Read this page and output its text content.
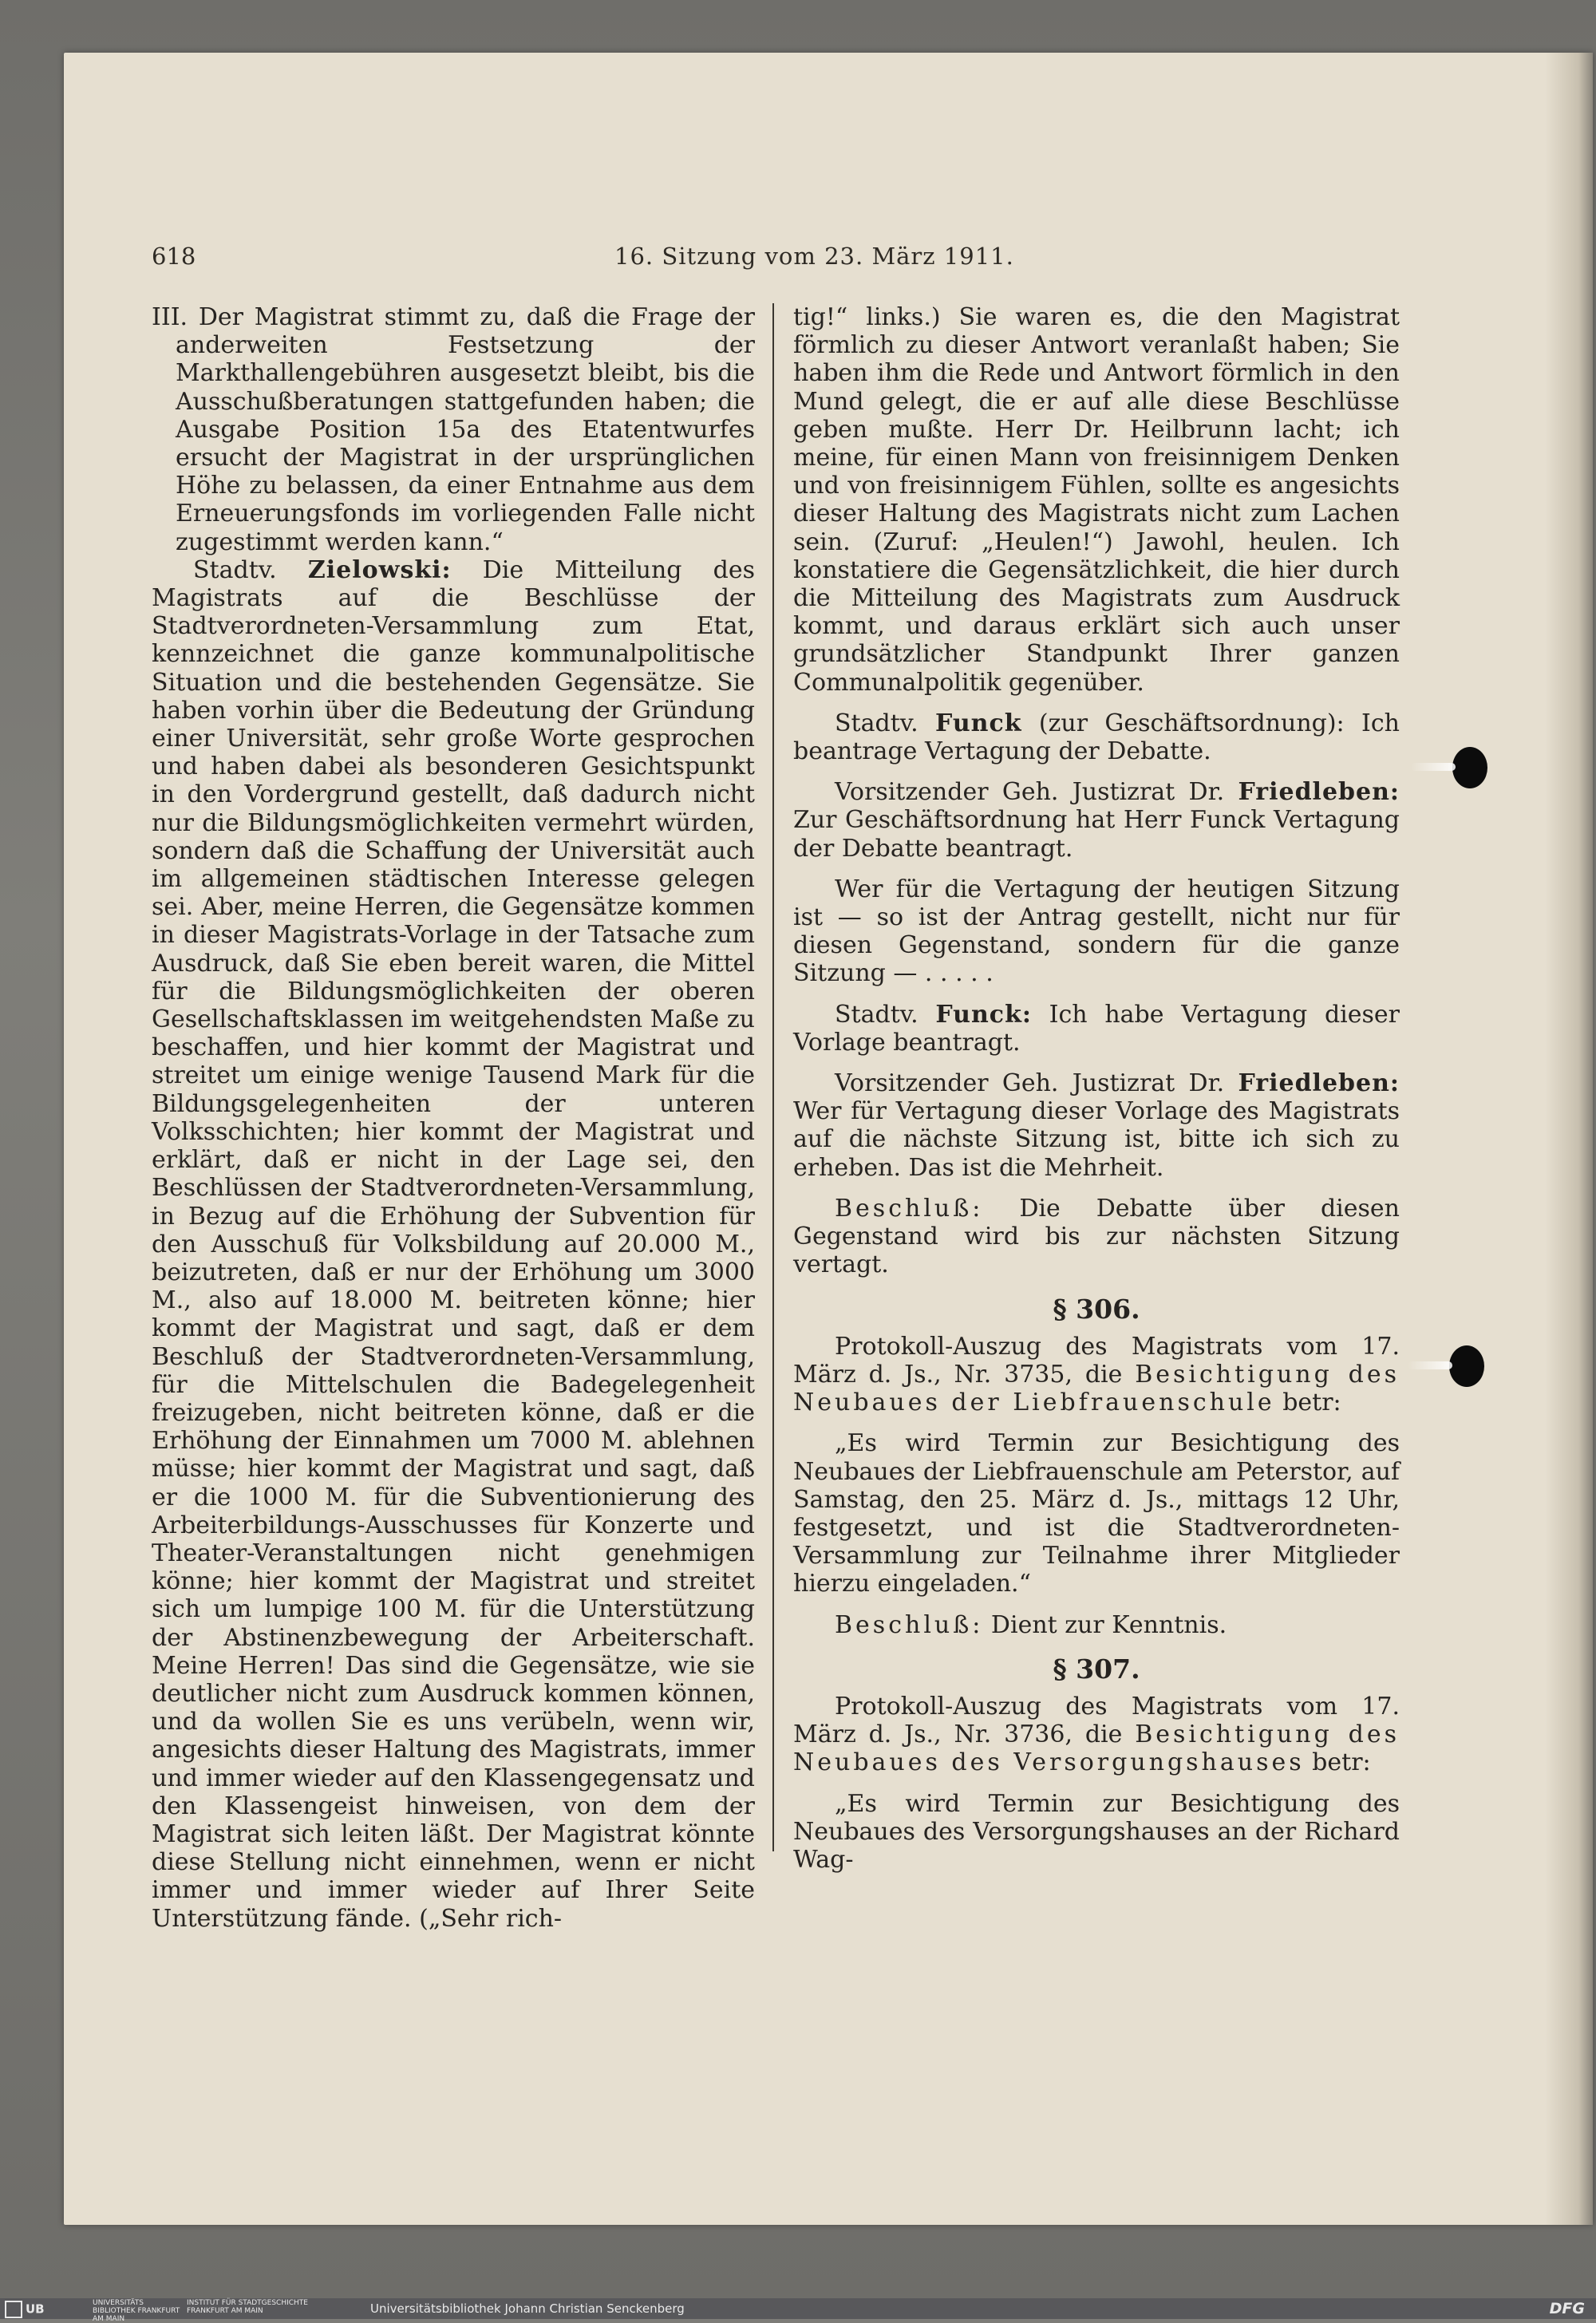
618	16. Sitzung vom 23. März 1911.

III. Der Magistrat stimmt zu, daß die Frage der anderweiten Festsetzung der Markthallengebühren ausgesetzt bleibt, bis die Ausschußberatungen stattgefunden haben; die Ausgabe Position 15a des Etatentwurfes ersucht der Magistrat in der ursprünglichen Höhe zu belassen, da einer Entnahme aus dem Erneuerungsfonds im vorliegenden Falle nicht zugestimmt werden kann.“

Stadtv. Zielowski: Die Mitteilung des Magistrats auf die Beschlüsse der Stadtverordneten-Versammlung zum Etat, kennzeichnet die ganze kommunalpolitische Situation und die bestehenden Gegensätze. Sie haben vorhin über die Bedeutung der Gründung einer Universität, sehr große Worte gesprochen und haben dabei als besonderen Gesichtspunkt in den Vordergrund gestellt, daß dadurch nicht nur die Bildungsmöglichkeiten vermehrt würden, sondern daß die Schaffung der Universität auch im allgemeinen städtischen Interesse gelegen sei. Aber, meine Herren, die Gegensätze kommen in dieser Magistrats-Vorlage in der Tatsache zum Ausdruck, daß Sie eben bereit waren, die Mittel für die Bildungsmöglichkeiten der oberen Gesellschaftsklassen im weitgehendsten Maße zu beschaffen, und hier kommt der Magistrat und streitet um einige wenige Tausend Mark für die Bildungsgelegenheiten der unteren Volksschichten; hier kommt der Magistrat und erklärt, daß er nicht in der Lage sei, den Beschlüssen der Stadtverordneten-Versammlung, in Bezug auf die Erhöhung der Subvention für den Ausschuß für Volksbildung auf 20.000 M., beizutreten, daß er nur der Erhöhung um 3000 M., also auf 18.000 M. beitreten könne; hier kommt der Magistrat und sagt, daß er dem Beschluß der Stadtverordneten-Versammlung, für die Mittelschulen die Badegelegenheit freizugeben, nicht beitreten könne, daß er die Erhöhung der Einnahmen um 7000 M. ablehnen müsse; hier kommt der Magistrat und sagt, daß er die 1000 M. für die Subventionierung des Arbeiterbildungs-Ausschusses für Konzerte und Theater-Veranstaltungen nicht genehmigen könne; hier kommt der Magistrat und streitet sich um lumpige 100 M. für die Unterstützung der Abstinenzbewegung der Arbeiterschaft. Meine Herren! Das sind die Gegensätze, wie sie deutlicher nicht zum Ausdruck kommen können, und da wollen Sie es uns verübeln, wenn wir, angesichts dieser Haltung des Magistrats, immer und immer wieder auf den Klassengegensatz und den Klassengeist hinweisen, von dem der Magistrat sich leiten läßt. Der Magistrat könnte diese Stellung nicht einnehmen, wenn er nicht immer und immer wieder auf Ihrer Seite Unterstützung fände. („Sehr rich-

tig!“ links.) Sie waren es, die den Magistrat förmlich zu dieser Antwort veranlaßt haben; Sie haben ihm die Rede und Antwort förmlich in den Mund gelegt, die er auf alle diese Beschlüsse geben mußte. Herr Dr. Heilbrunn lacht; ich meine, für einen Mann von freisinnigem Denken und von freisinnigem Fühlen, sollte es angesichts dieser Haltung des Magistrats nicht zum Lachen sein. (Zuruf: „Heulen!“) Jawohl, heulen. Ich konstatiere die Gegensätzlichkeit, die hier durch die Mitteilung des Magistrats zum Ausdruck kommt, und daraus erklärt sich auch unser grundsätzlicher Standpunkt Ihrer ganzen Communalpolitik gegenüber.

Stadtv. Funck (zur Geschäftsordnung): Ich beantrage Vertagung der Debatte.

Vorsitzender Geh. Justizrat Dr. Friedleben: Zur Geschäftsordnung hat Herr Funck Vertagung der Debatte beantragt.

Wer für die Vertagung der heutigen Sitzung ist — so ist der Antrag gestellt, nicht nur für diesen Gegenstand, sondern für die ganze Sitzung — . . . . .

Stadtv. Funck: Ich habe Vertagung dieser Vorlage beantragt.

Vorsitzender Geh. Justizrat Dr. Friedleben: Wer für Vertagung dieser Vorlage des Magistrats auf die nächste Sitzung ist, bitte ich sich zu erheben. Das ist die Mehrheit.

Beschluß: Die Debatte über diesen Gegenstand wird bis zur nächsten Sitzung vertagt.

§ 306.

Protokoll-Auszug des Magistrats vom 17. März d. Js., Nr. 3735, die Besichtigung des Neubaues der Liebfrauenschule betr:

„Es wird Termin zur Besichtigung des Neubaues der Liebfrauenschule am Peterstor, auf Samstag, den 25. März d. Js., mittags 12 Uhr, festgesetzt, und ist die Stadtverordneten-Versammlung zur Teilnahme ihrer Mitglieder hierzu eingeladen.“

Beschluß: Dient zur Kenntnis.

§ 307.

Protokoll-Auszug des Magistrats vom 17. März d. Js., Nr. 3736, die Besichtigung des Neubaues des Versorgungshauses betr:

„Es wird Termin zur Besichtigung des Neubaues des Versorgungshauses an der Richard Wag-

UB	UNIVERSITÄTS BIBLIOTHEK FRANKFURT AM MAIN
INSTITUT FÜR STADTGESCHICHTE FRANKFURT AM MAIN	Universitätsbibliothek Johann Christian Senckenberg	DFG
